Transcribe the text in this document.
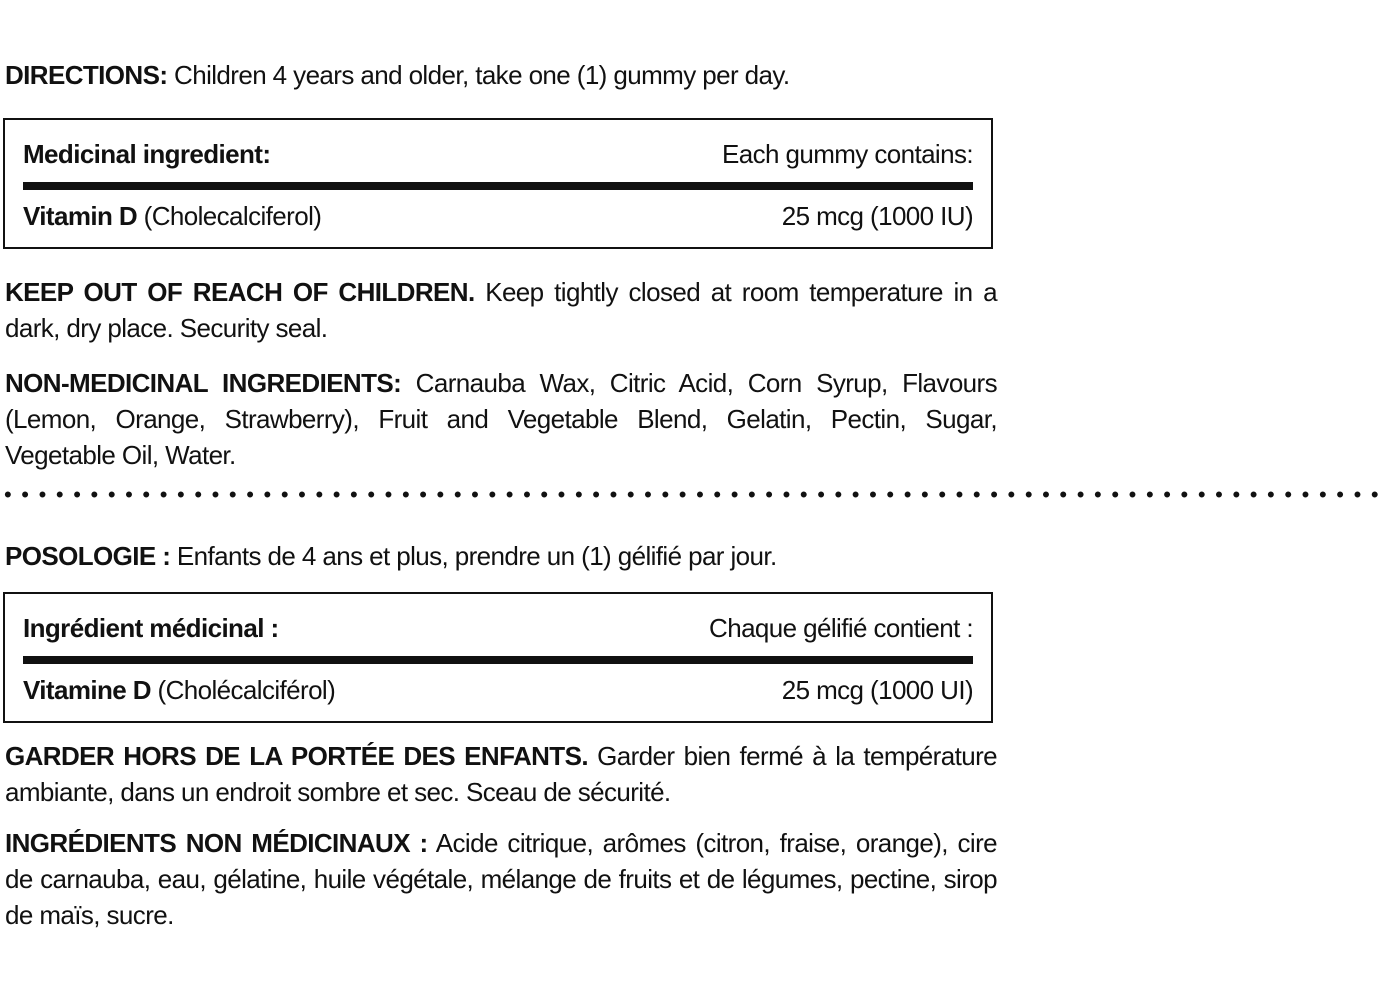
DIRECTIONS: Children 4 years and older, take one (1) gummy per day.

Medicinal ingredient:	Each gummy contains:
Vitamin D (Cholecalciferol)	25 mcg (1000 IU)

KEEP OUT OF REACH OF CHILDREN. Keep tightly closed at room temperature in a dark, dry place. Security seal.

NON-MEDICINAL INGREDIENTS: Carnauba Wax, Citric Acid, Corn Syrup, Flavours (Lemon, Orange, Strawberry), Fruit and Vegetable Blend, Gelatin, Pectin, Sugar, Vegetable Oil, Water.

••••••••••••••••••••••••••••••••••••••••••••••••••••••••••••••••••••••••••••••••

POSOLOGIE : Enfants de 4 ans et plus, prendre un (1) gélifié par jour.

Ingrédient médicinal :	Chaque gélifié contient :
Vitamine D (Cholécalciférol)	25 mcg (1000 UI)

GARDER HORS DE LA PORTÉE DES ENFANTS. Garder bien fermé à la température ambiante, dans un endroit sombre et sec. Sceau de sécurité.

INGRÉDIENTS NON MÉDICINAUX : Acide citrique, arômes (citron, fraise, orange), cire de carnauba, eau, gélatine, huile végétale, mélange de fruits et de légumes, pectine, sirop de maïs, sucre.
